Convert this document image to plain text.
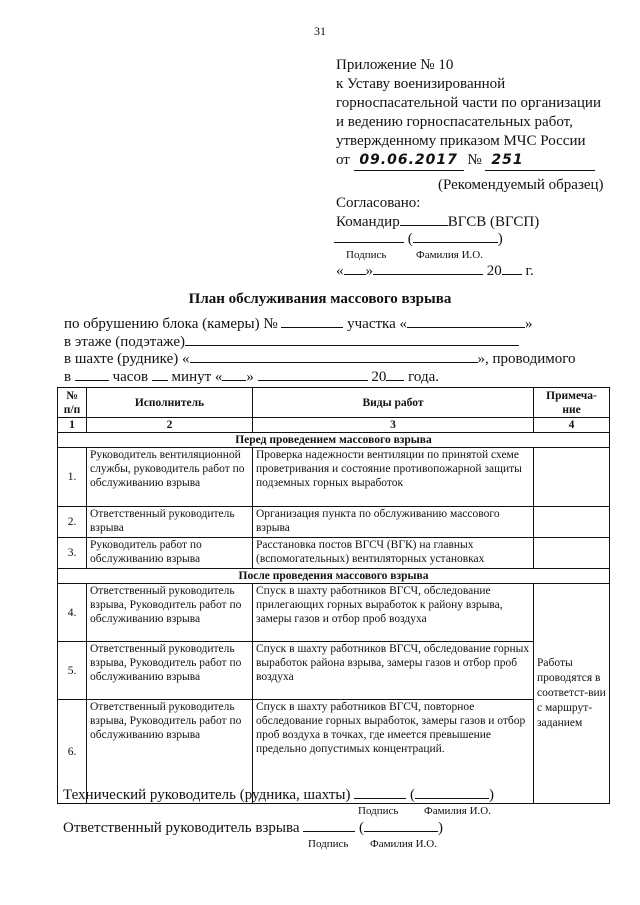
31
Приложение № 10
к Уставу военизированной
горноспасательной части по организации
и ведению горноспасательных работ,
утвержденному приказом МЧС России
от 09.06.2017 № 251
(Рекомендуемый образец)
Согласовано:
Командир	ВГСВ (ВГСП)
(	)
Подпись	Фамилия И.О.
« »	20 г.
План обслуживания массового взрыва
по обрушению блока (камеры) №	участка «	»
в этаже (подэтаже)
в шахте (руднике) «	», проводимого
в	часов минут « »	20 года.
№ п/п	Исполнитель	Виды работ	Примеча-
ние
1	2	3	4
Перед проведением массового взрыва			
1.	Руководитель вентиляционной службы, руководитель работ по обслуживанию взрыва	Проверка надежности вентиляции по принятой схеме проветривания и состояние противопожарной защиты подземных горных выработок	
2.	Ответственный руководитель взрыва	Организация пункта по обслуживанию массового взрыва	
3.	Руководитель работ по обслуживанию взрыва	Расстановка постов ВГСЧ (ВГК) на главных (вспомогательных) вентиляторных установках	
После проведения массового взрыва			
4.	Ответственный руководитель взрыва, Руководитель работ по обслуживанию взрыва	Спуск в шахту работников ВГСЧ, обследование прилегающих горных выработок к району взрыва, замеры газов и отбор проб воздуха	Работы проводятся в соответст-вии с маршрут-заданием
5.	Ответственный руководитель взрыва, Руководитель работ по обслуживанию взрыва	Спуск в шахту работников ВГСЧ, обследование горных выработок района взрыва, замеры газов и отбор проб воздуха	
6.	Ответственный руководитель взрыва, Руководитель работ по обслуживанию взрыва	Спуск в шахту работников ВГСЧ, повторное обследование горных выработок, замеры газов и отбор проб воздуха в точках, где имеется превышение предельно допустимых концентраций.	
Технический руководитель (рудника, шахты)	(	)
Подпись Фамилия И.О.
Ответственный руководитель взрыва	(	)
Подпись Фамилия И.О.
